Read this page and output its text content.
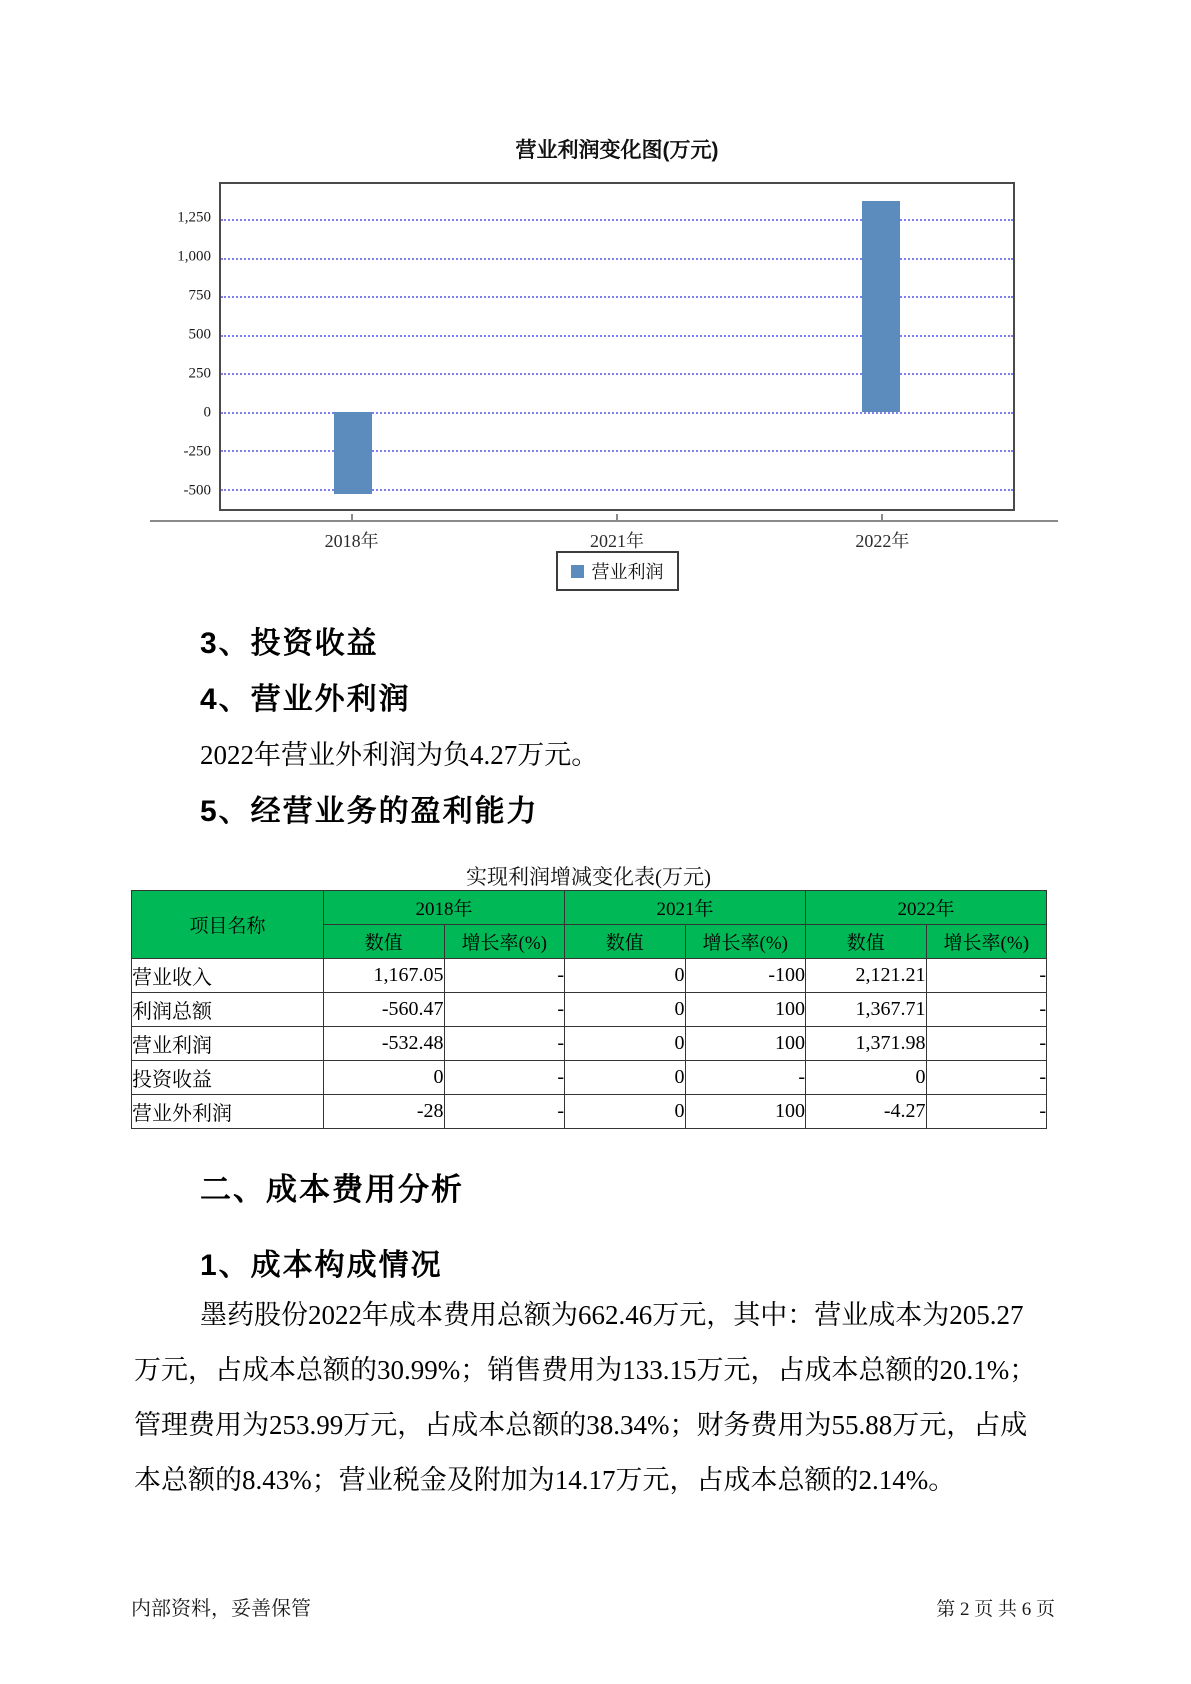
营业利润变化图(万元)
1,250
1,000
750
500
250
0
-250
-500
2018年	2021年	2022年
营业利润
3、投资收益
4、营业外利润
2022年营业外利润为负4.27万元。
5、经营业务的盈利能力
实现利润增减变化表(万元)
项目名称	2018年		2021年		2022年	
	数值	增长率(%)	数值	增长率(%)	数值	增长率(%)
营业收入	1,167.05	-	0	-100	2,121.21	-
利润总额	-560.47	-	0	100	1,367.71	-
营业利润	-532.48	-	0	100	1,371.98	-
投资收益	0	-	0	-	0	-
营业外利润	-28	-	0	100	-4.27	-
二、成本费用分析
1、成本构成情况
墨药股份2022年成本费用总额为662.46万元，其中：营业成本为205.27万元，占成本总额的30.99%；销售费用为133.15万元，占成本总额的20.1%；管理费用为253.99万元，占成本总额的38.34%；财务费用为55.88万元，占成本总额的8.43%；营业税金及附加为14.17万元，占成本总额的2.14%。
内部资料，妥善保管	第 2 页 共 6 页
